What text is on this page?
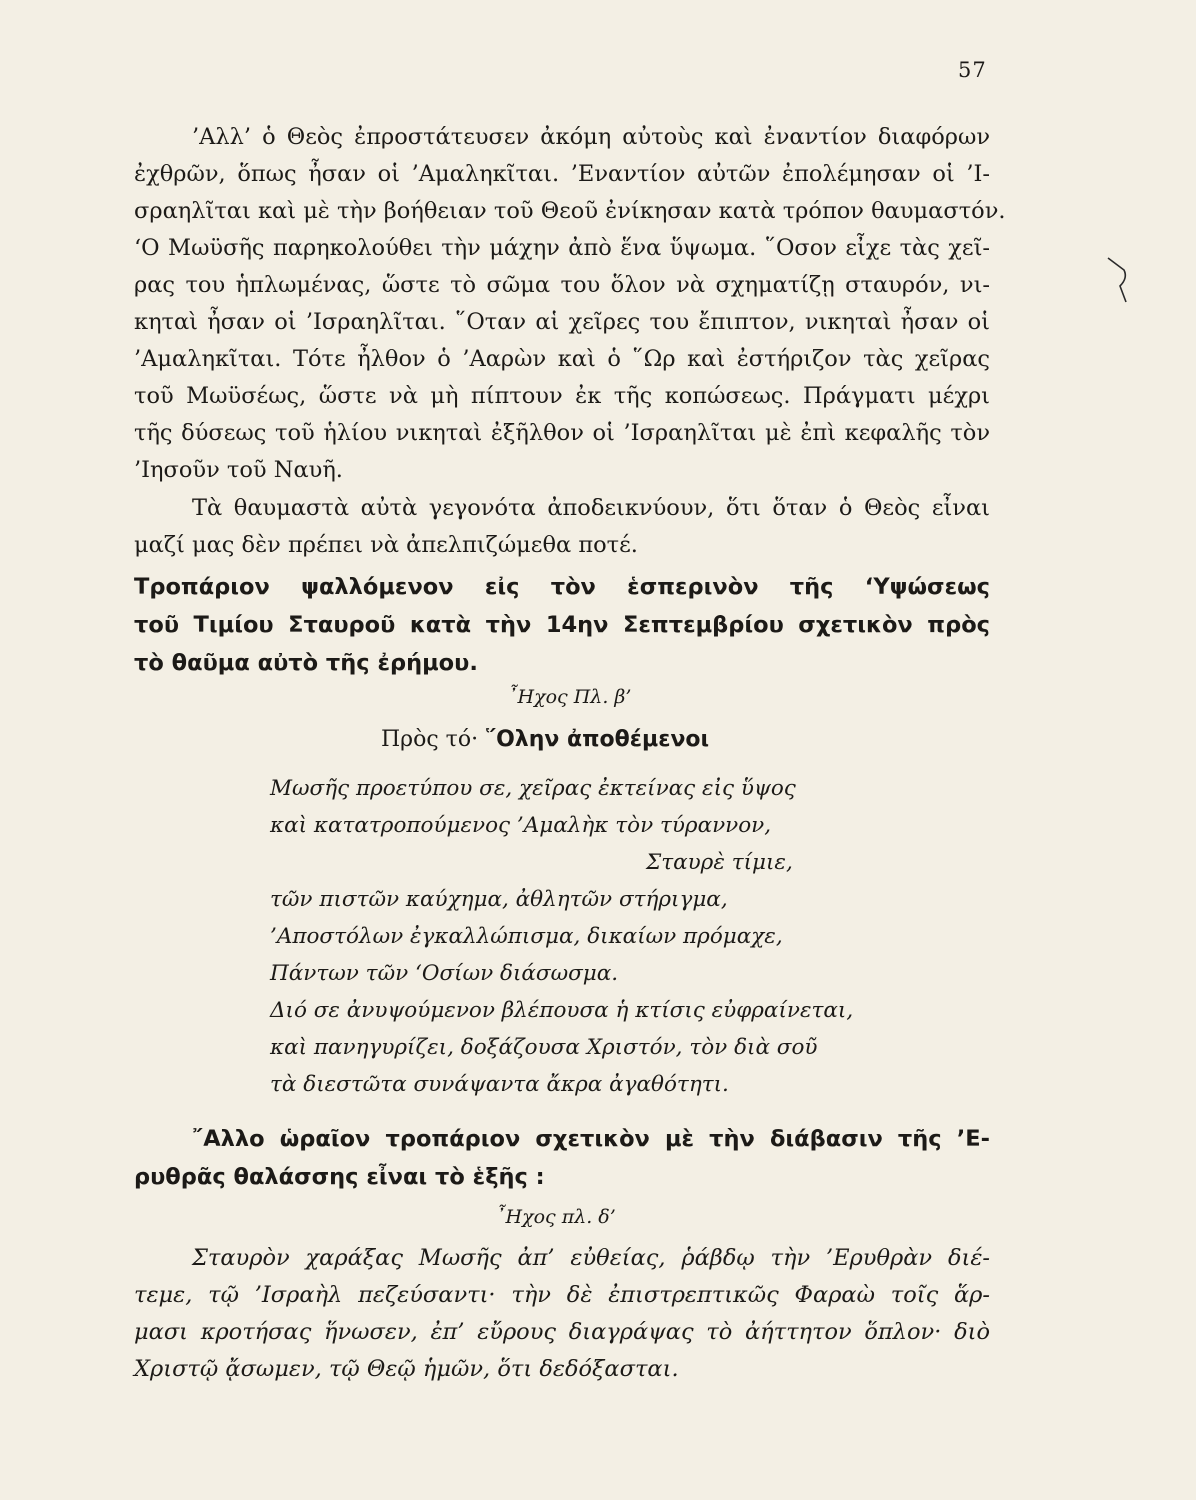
57
’Αλλ’ ὁ Θεὸς ἐπροστάτευσεν ἀκόμη αὐτοὺς καὶ ἐναντίον διαφόρων
ἐχθρῶν, ὅπως ἦσαν οἱ ’Αμαληκῖται. ’Εναντίον αὐτῶν ἐπολέμησαν οἱ ’Ι-
σραηλῖται καὶ μὲ τὴν βοήθειαν τοῦ Θεοῦ ἐνίκησαν κατὰ τρόπον θαυμαστόν.
‘Ο Μωϋσῆς παρηκολούθει τὴν μάχην ἀπὸ ἕνα ὕψωμα. ῞Οσον εἶχε τὰς χεῖ-
ρας του ἡπλωμένας, ὥστε τὸ σῶμα του ὅλον νὰ σχηματίζῃ σταυρόν, νι-
κηταὶ ἦσαν οἱ ’Ισραηλῖται. ῞Οταν αἱ χεῖρες του ἔπιπτον, νικηταὶ ἦσαν οἱ
’Αμαληκῖται. Τότε ἦλθον ὁ ’Ααρὼν καὶ ὁ ῞Ωρ καὶ ἐστήριζον τὰς χεῖρας
τοῦ Μωϋσέως, ὥστε νὰ μὴ πίπτουν ἐκ τῆς κοπώσεως. Πράγματι μέχρι
τῆς δύσεως τοῦ ἡλίου νικηταὶ ἐξῆλθον οἱ ’Ισραηλῖται μὲ ἐπὶ κεφαλῆς τὸν
’Ιησοῦν τοῦ Ναυῆ.
Τὰ θαυμαστὰ αὐτὰ γεγονότα ἀποδεικνύουν, ὅτι ὅταν ὁ Θεὸς εἶναι
μαζί μας δὲν πρέπει νὰ ἀπελπιζώμεθα ποτέ.
Τροπάριον ψαλλόμενον εἰς τὸν ἑσπερινὸν τῆς ‘Υψώσεως
τοῦ Τιμίου Σταυροῦ κατὰ τὴν 14ην Σεπτεμβρίου σχετικὸν πρὸς
τὸ θαῦμα αὐτὸ τῆς ἐρήμου.
῏Ηχος Πλ. β’
Πρὸς τό· ῞Ολην ἀποθέμενοι
Μωσῆς προετύπου σε, χεῖρας ἐκτείνας εἰς ὕψος
καὶ κατατροπούμενος ’Αμαλὴκ τὸν τύραννον,
Σταυρὲ τίμιε,
τῶν πιστῶν καύχημα, ἀθλητῶν στήριγμα,
’Αποστόλων ἐγκαλλώπισμα, δικαίων πρόμαχε,
Πάντων τῶν ‘Οσίων διάσωσμα.
Διό σε ἀνυψούμενον βλέπουσα ἡ κτίσις εὐφραίνεται,
καὶ πανηγυρίζει, δοξάζουσα Χριστόν, τὸν διὰ σοῦ
τὰ διεστῶτα συνάψαντα ἄκρα ἀγαθότητι.
῎Αλλο ὡραῖον τροπάριον σχετικὸν μὲ τὴν διάβασιν τῆς ’Ε-
ρυθρᾶς θαλάσσης εἶναι τὸ ἑξῆς :
῏Ηχος πλ. δ’
Σταυρὸν χαράξας Μωσῆς ἀπ’ εὐθείας, ῥάβδῳ τὴν ’Ερυθρὰν διέ-
τεμε, τῷ ’Ισραὴλ πεζεύσαντι· τὴν δὲ ἐπιστρεπτικῶς Φαραὼ τοῖς ἅρ-
μασι κροτήσας ἥνωσεν, ἐπ’ εὔρους διαγράψας τὸ ἀήττητον ὅπλον· διὸ
Χριστῷ ᾄσωμεν, τῷ Θεῷ ἡμῶν, ὅτι δεδόξασται.
